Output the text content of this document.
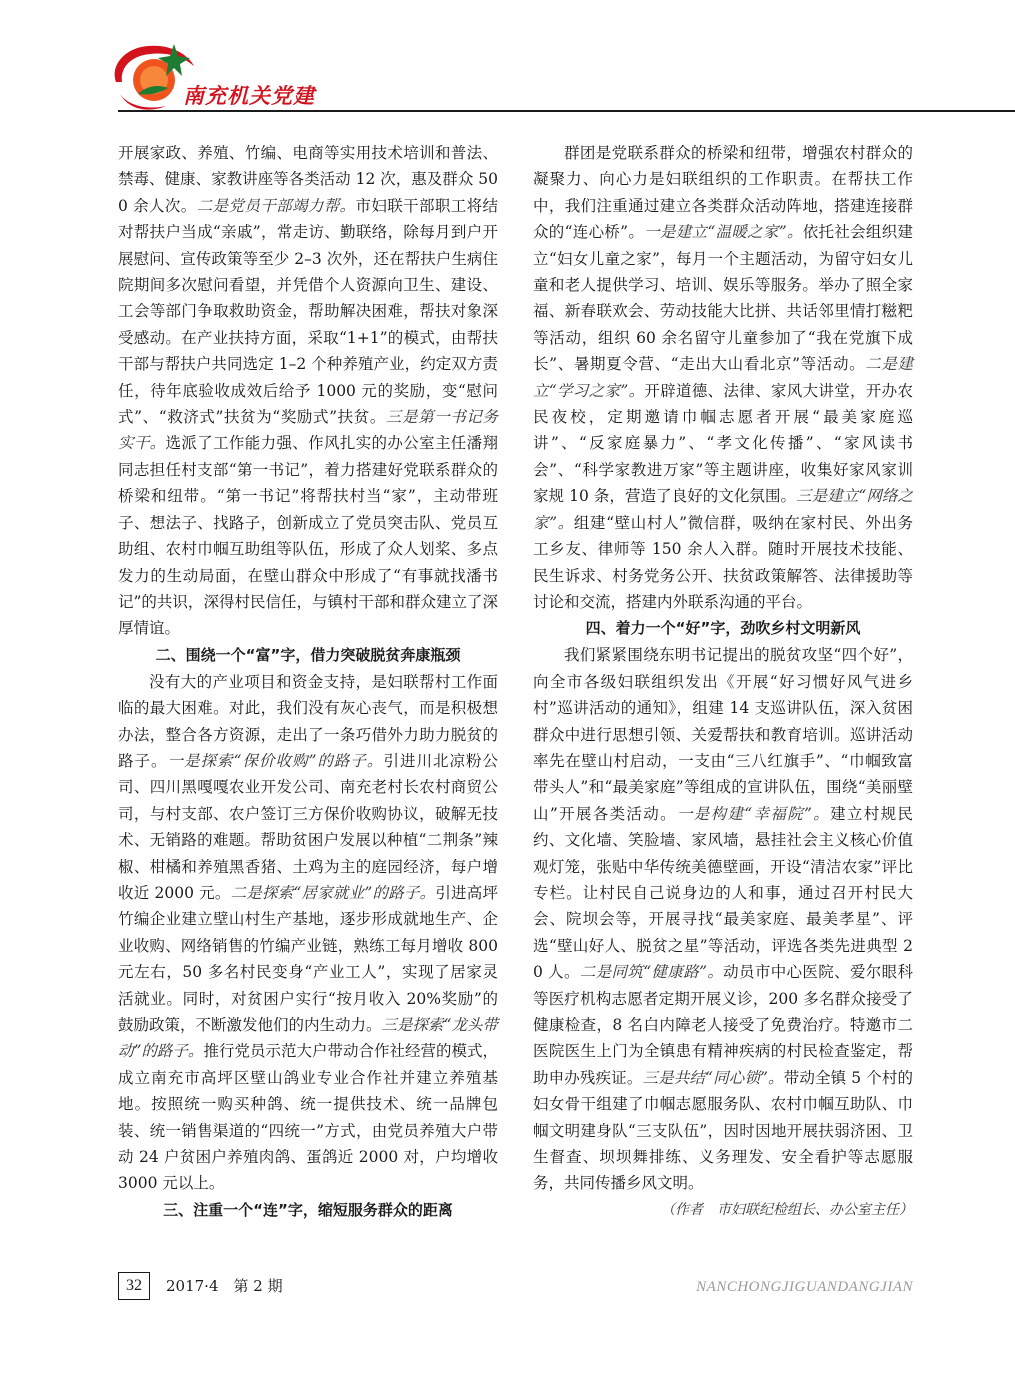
南充机关党建

开展家政、养殖、竹编、电商等实用技术培训和普法、禁毒、健康、家教讲座等各类活动 12 次，惠及群众 500 余人次。二是党员干部竭力帮。市妇联干部职工将结对帮扶户当成“亲戚”，常走访、勤联络，除每月到户开展慰问、宣传政策等至少 2–3 次外，还在帮扶户生病住院期间多次慰问看望，并凭借个人资源向卫生、建设、工会等部门争取救助资金，帮助解决困难，帮扶对象深受感动。在产业扶持方面，采取“1+1”的模式，由帮扶干部与帮扶户共同选定 1–2 个种养殖产业，约定双方责任，待年底验收成效后给予 1000 元的奖励，变“慰问式”、“救济式”扶贫为“奖励式”扶贫。三是第一书记务实干。选派了工作能力强、作风扎实的办公室主任潘翔同志担任村支部“第一书记”，着力搭建好党联系群众的桥梁和纽带。“第一书记”将帮扶村当“家”，主动带班子、想法子、找路子，创新成立了党员突击队、党员互助组、农村巾帼互助组等队伍，形成了众人划桨、多点发力的生动局面，在壁山群众中形成了“有事就找潘书记”的共识，深得村民信任，与镇村干部和群众建立了深厚情谊。

二、围绕一个“富”字，借力突破脱贫奔康瓶颈

没有大的产业项目和资金支持，是妇联帮村工作面临的最大困难。对此，我们没有灰心丧气，而是积极想办法，整合各方资源，走出了一条巧借外力助力脱贫的路子。一是探索“保价收购”的路子。引进川北凉粉公司、四川黑嘎嘎农业开发公司、南充老村长农村商贸公司，与村支部、农户签订三方保价收购协议，破解无技术、无销路的难题。帮助贫困户发展以种植“二荆条”辣椒、柑橘和养殖黑香猪、土鸡为主的庭园经济，每户增收近 2000 元。二是探索“居家就业”的路子。引进高坪竹编企业建立壁山村生产基地，逐步形成就地生产、企业收购、网络销售的竹编产业链，熟练工每月增收 800 元左右，50 多名村民变身“产业工人”，实现了居家灵活就业。同时，对贫困户实行“按月收入 20%奖励”的鼓励政策，不断激发他们的内生动力。三是探索“龙头带动”的路子。推行党员示范大户带动合作社经营的模式，成立南充市高坪区壁山鸽业专业合作社并建立养殖基地。按照统一购买种鸽、统一提供技术、统一品牌包装、统一销售渠道的“四统一”方式，由党员养殖大户带动 24 户贫困户养殖肉鸽、蛋鸽近 2000 对，户均增收 3000 元以上。

三、注重一个“连”字，缩短服务群众的距离

群团是党联系群众的桥梁和纽带，增强农村群众的凝聚力、向心力是妇联组织的工作职责。在帮扶工作中，我们注重通过建立各类群众活动阵地，搭建连接群众的“连心桥”。一是建立“温暖之家”。依托社会组织建立“妇女儿童之家”，每月一个主题活动，为留守妇女儿童和老人提供学习、培训、娱乐等服务。举办了照全家福、新春联欢会、劳动技能大比拼、共话邻里情打糍粑等活动，组织 60 余名留守儿童参加了“我在党旗下成长”、暑期夏令营、“走出大山看北京”等活动。二是建立“学习之家”。开辟道德、法律、家风大讲堂，开办农民夜校，定期邀请巾帼志愿者开展“最美家庭巡讲”、“反家庭暴力”、“孝文化传播”、“家风读书会”、“科学家教进万家”等主题讲座，收集好家风家训家规 10 条，营造了良好的文化氛围。三是建立“网络之家”。组建“壁山村人”微信群，吸纳在家村民、外出务工乡友、律师等 150 余人入群。随时开展技术技能、民生诉求、村务党务公开、扶贫政策解答、法律援助等讨论和交流，搭建内外联系沟通的平台。

四、着力一个“好”字，劲吹乡村文明新风

我们紧紧围绕东明书记提出的脱贫攻坚“四个好”，向全市各级妇联组织发出《开展“好习惯好风气进乡村”巡讲活动的通知》，组建 14 支巡讲队伍，深入贫困群众中进行思想引领、关爱帮扶和教育培训。巡讲活动率先在壁山村启动，一支由“三八红旗手”、“巾帼致富带头人”和“最美家庭”等组成的宣讲队伍，围绕“美丽壁山”开展各类活动。一是构建“幸福院”。建立村规民约、文化墙、笑脸墙、家风墙，悬挂社会主义核心价值观灯笼，张贴中华传统美德壁画，开设“清洁农家”评比专栏。让村民自己说身边的人和事，通过召开村民大会、院坝会等，开展寻找“最美家庭、最美孝星”、评选“壁山好人、脱贫之星”等活动，评选各类先进典型 20 人。二是同筑“健康路”。动员市中心医院、爱尔眼科等医疗机构志愿者定期开展义诊，200 多名群众接受了健康检查，8 名白内障老人接受了免费治疗。特邀市二医院医生上门为全镇患有精神疾病的村民检查鉴定，帮助申办残疾证。三是共结“同心锁”。带动全镇 5 个村的妇女骨干组建了巾帼志愿服务队、农村巾帼互助队、巾帼文明建身队“三支队伍”，因时因地开展扶弱济困、卫生督查、坝坝舞排练、义务理发、安全看护等志愿服务，共同传播乡风文明。

（作者　市妇联纪检组长、办公室主任）

32	2017·4　第 2 期	NANCHONGJIGUANDANGJIAN
